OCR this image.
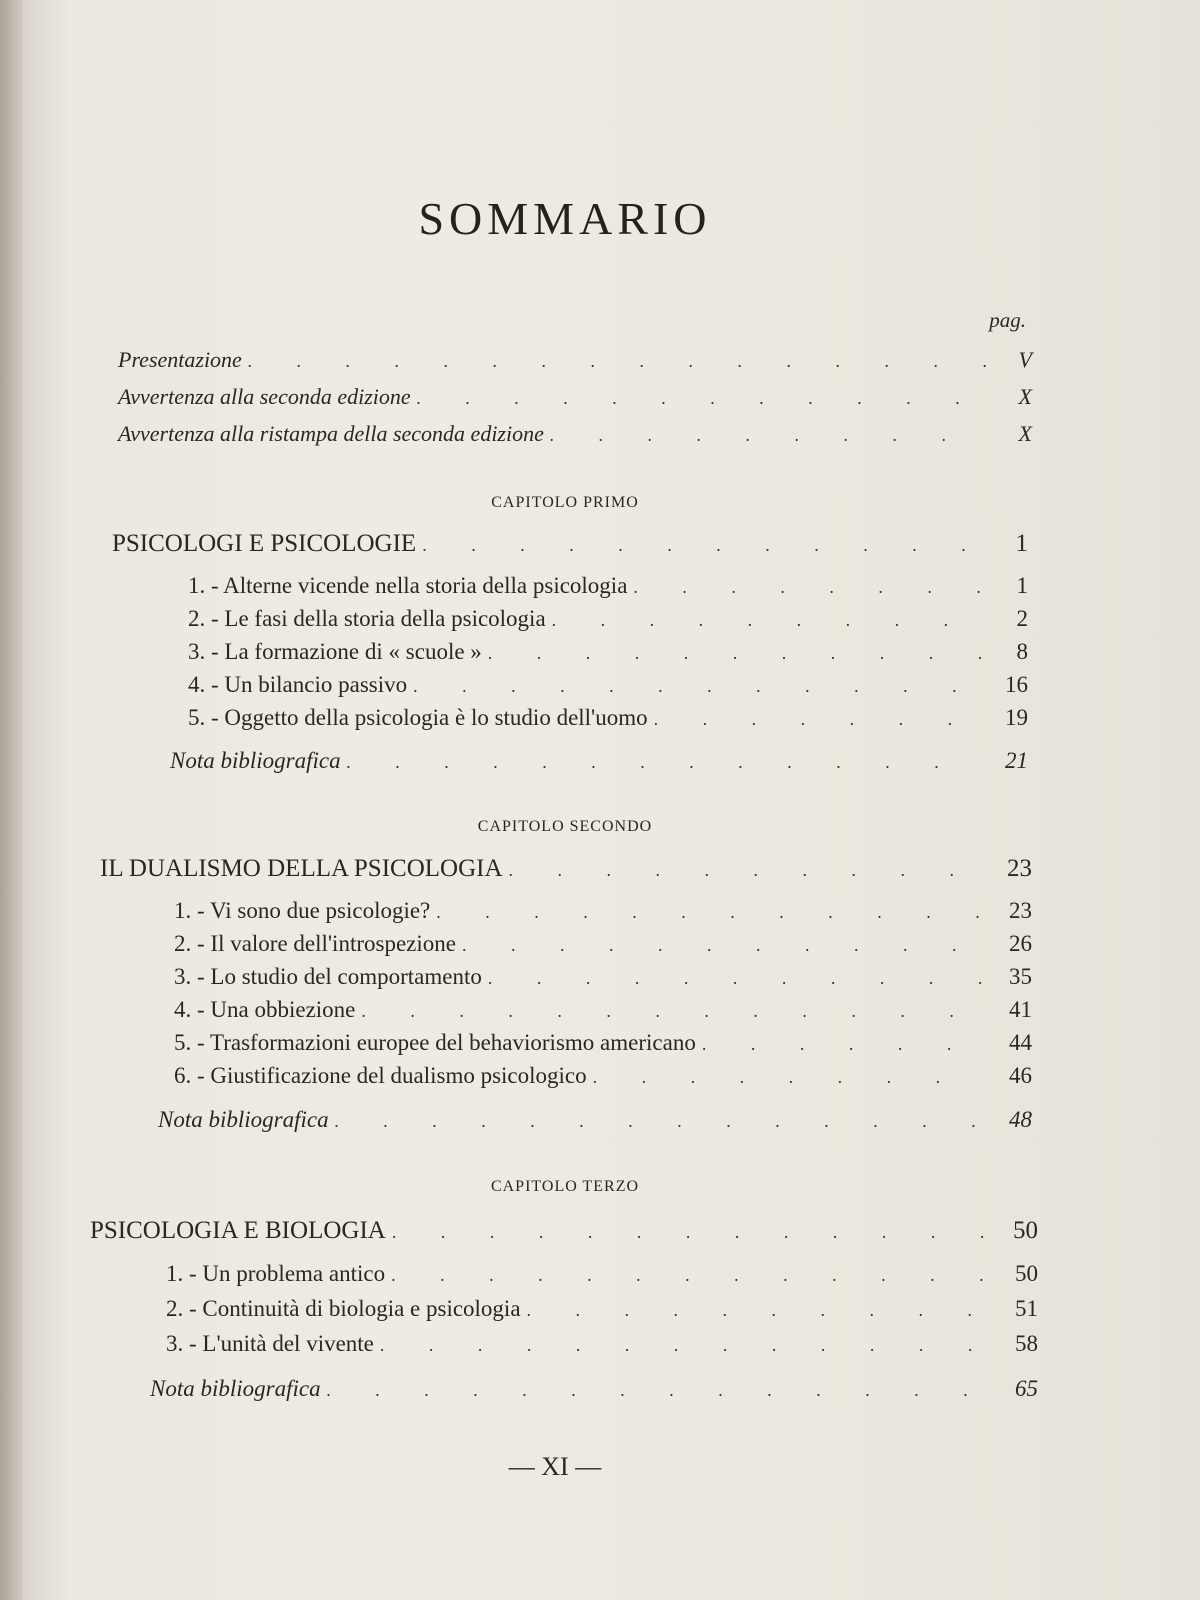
SOMMARIO
pag.
Presentazione . . .	V
Avvertenza alla seconda edizione . . .	X
Avvertenza alla ristampa della seconda edizione . . .	X
CAPITOLO PRIMO
PSICOLOGI E PSICOLOGIE . . .	1
1. - Alterne vicende nella storia della psicologia . . .	1
2. - Le fasi della storia della psicologia . . .	2
3. - La formazione di « scuole » . . .	8
4. - Un bilancio passivo . . .	16
5. - Oggetto della psicologia è lo studio dell'uomo . . .	19
Nota bibliografica . . .	21
CAPITOLO SECONDO
IL DUALISMO DELLA PSICOLOGIA . . .	23
1. - Vi sono due psicologie? . . .	23
2. - Il valore dell'introspezione . . .	26
3. - Lo studio del comportamento . . .	35
4. - Una obbiezione . . .	41
5. - Trasformazioni europee del behaviorismo americano . . .	44
6. - Giustificazione del dualismo psicologico . . .	46
Nota bibliografica . . .	48
CAPITOLO TERZO
PSICOLOGIA E BIOLOGIA . . .	50
1. - Un problema antico . . .	50
2. - Continuità di biologia e psicologia . . .	51
3. - L'unità del vivente . . .	58
Nota bibliografica . . .	65
— XI —
